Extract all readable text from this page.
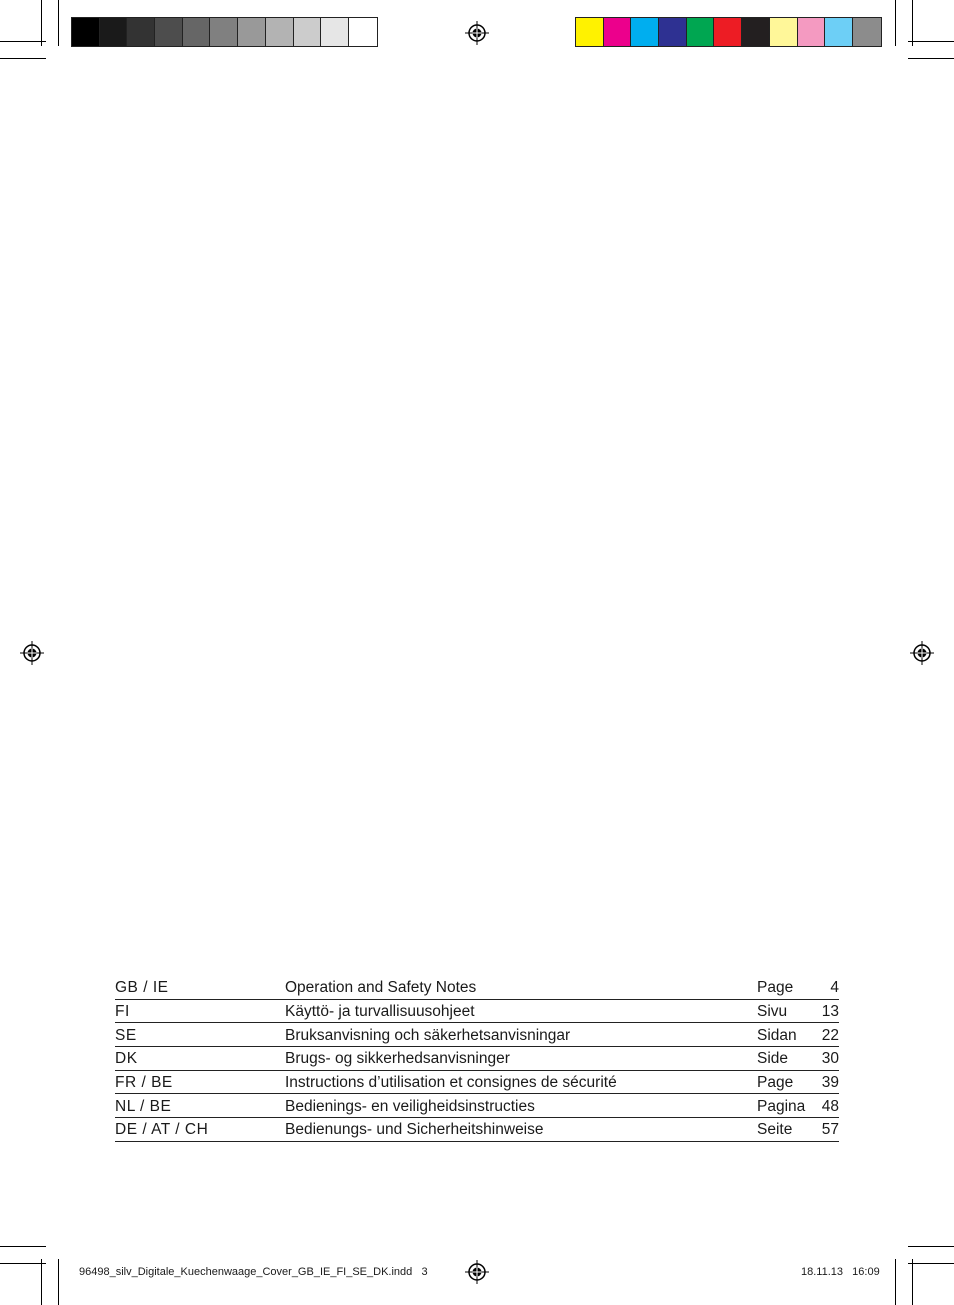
GB / IE	Operation and Safety Notes	Page	4
FI	Käyttö- ja turvallisuusohjeet	Sivu	13
SE	Bruksanvisning och säkerhetsanvisningar	Sidan	22
DK	Brugs- og sikkerhedsanvisninger	Side	30
FR / BE	Instructions d’utilisation et consignes de sécurité	Page	39
NL / BE	Bedienings- en veiligheidsinstructies	Pagina	48
DE / AT / CH	Bedienungs- und Sicherheitshinweise	Seite	57
96498_silv_Digitale_Kuechenwaage_Cover_GB_IE_FI_SE_DK.indd   3	18.11.13   16:09
